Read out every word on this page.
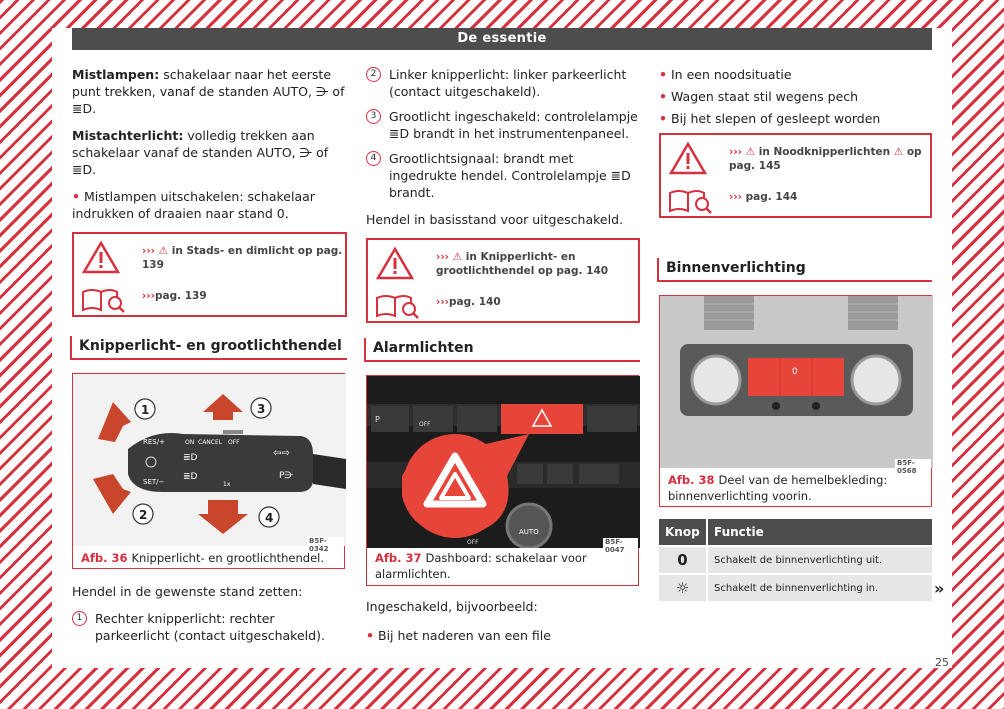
De essentie

Mistlampen: schakelaar naar het eerste punt trekken, vanaf de standen AUTO, ⋺ of ≣D.

Mistachterlicht: volledig trekken aan schakelaar vanaf de standen AUTO, ⋺ of ≣D.

• Mistlampen uitschakelen: schakelaar indrukken of draaien naar stand 0.

››› ⚠ in Stads- en dimlicht op pag. 139
›››pag. 139
Knipperlicht- en grootlichthendel
RES/+	ON CANCEL OFF
SET/−	1x
≣D
≣D
⇦⇨
P⋺
1
2
3
4
B5F-0342
Afb. 36 Knipperlicht- en grootlichthendel.

Hendel in de gewenste stand zetten:

1	Rechter knipperlicht: rechter parkeerlicht (contact uitgeschakeld).
2	Linker knipperlicht: linker parkeerlicht (contact uitgeschakeld).
3	Grootlicht ingeschakeld: controlelampje ≣D brandt in het instrumentenpaneel.
4	Grootlichtsignaal: brandt met ingedrukte hendel. Controlelampje ≣D brandt.

Hendel in basisstand voor uitgeschakeld.

››› ⚠ in Knipperlicht- en grootlichthendel op pag. 140
›››pag. 140
Alarmlichten
P
OFF
AUTO
OFF	B5F-0047
Afb. 37 Dashboard: schakelaar voor alarmlichten.

Ingeschakeld, bijvoorbeeld:

• Bij het naderen van een file

• In een noodsituatie
• Wagen staat stil wegens pech
• Bij het slepen of gesleept worden
››› ⚠ in Noodknipperlichten ⚠ op pag. 145
››› pag. 144
Binnenverlichting
0
B5F-0568
Afb. 38 Deel van de hemelbekleding: binnenverlichting voorin.
Knop	Functie
0	Schakelt de binnenverlichting uit.
☼	Schakelt de binnenverlichting in.	»
25
